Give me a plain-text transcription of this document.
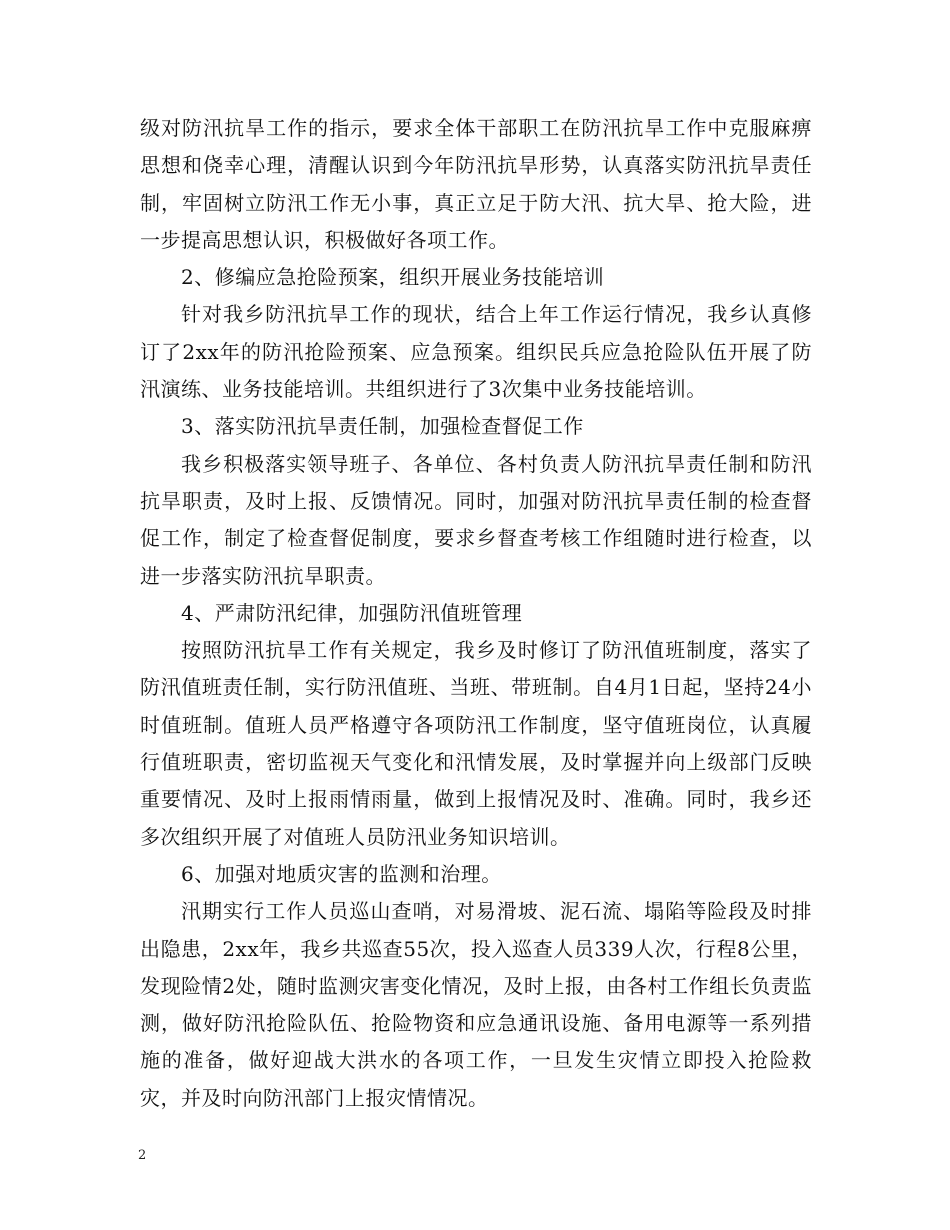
级对防汛抗旱工作的指示，要求全体干部职工在防汛抗旱工作中克服麻痹思想和侥幸心理，清醒认识到今年防汛抗旱形势，认真落实防汛抗旱责任制，牢固树立防汛工作无小事，真正立足于防大汛、抗大旱、抢大险，进一步提高思想认识，积极做好各项工作。

2、修编应急抢险预案，组织开展业务技能培训

针对我乡防汛抗旱工作的现状，结合上年工作运行情况，我乡认真修订了2xx年的防汛抢险预案、应急预案。组织民兵应急抢险队伍开展了防汛演练、业务技能培训。共组织进行了3次集中业务技能培训。

3、落实防汛抗旱责任制，加强检查督促工作

我乡积极落实领导班子、各单位、各村负责人防汛抗旱责任制和防汛抗旱职责，及时上报、反馈情况。同时，加强对防汛抗旱责任制的检查督促工作，制定了检查督促制度，要求乡督查考核工作组随时进行检查，以进一步落实防汛抗旱职责。

4、严肃防汛纪律，加强防汛值班管理

按照防汛抗旱工作有关规定，我乡及时修订了防汛值班制度，落实了防汛值班责任制，实行防汛值班、当班、带班制。自4月1日起，坚持24小时值班制。值班人员严格遵守各项防汛工作制度，坚守值班岗位，认真履行值班职责，密切监视天气变化和汛情发展，及时掌握并向上级部门反映重要情况、及时上报雨情雨量，做到上报情况及时、准确。同时，我乡还多次组织开展了对值班人员防汛业务知识培训。

6、加强对地质灾害的监测和治理。

汛期实行工作人员巡山查哨，对易滑坡、泥石流、塌陷等险段及时排出隐患，2xx年，我乡共巡查55次，投入巡查人员339人次，行程8公里，发现险情2处，随时监测灾害变化情况，及时上报，由各村工作组长负责监测，做好防汛抢险队伍、抢险物资和应急通讯设施、备用电源等一系列措施的准备，做好迎战大洪水的各项工作，一旦发生灾情立即投入抢险救灾，并及时向防汛部门上报灾情情况。

2
